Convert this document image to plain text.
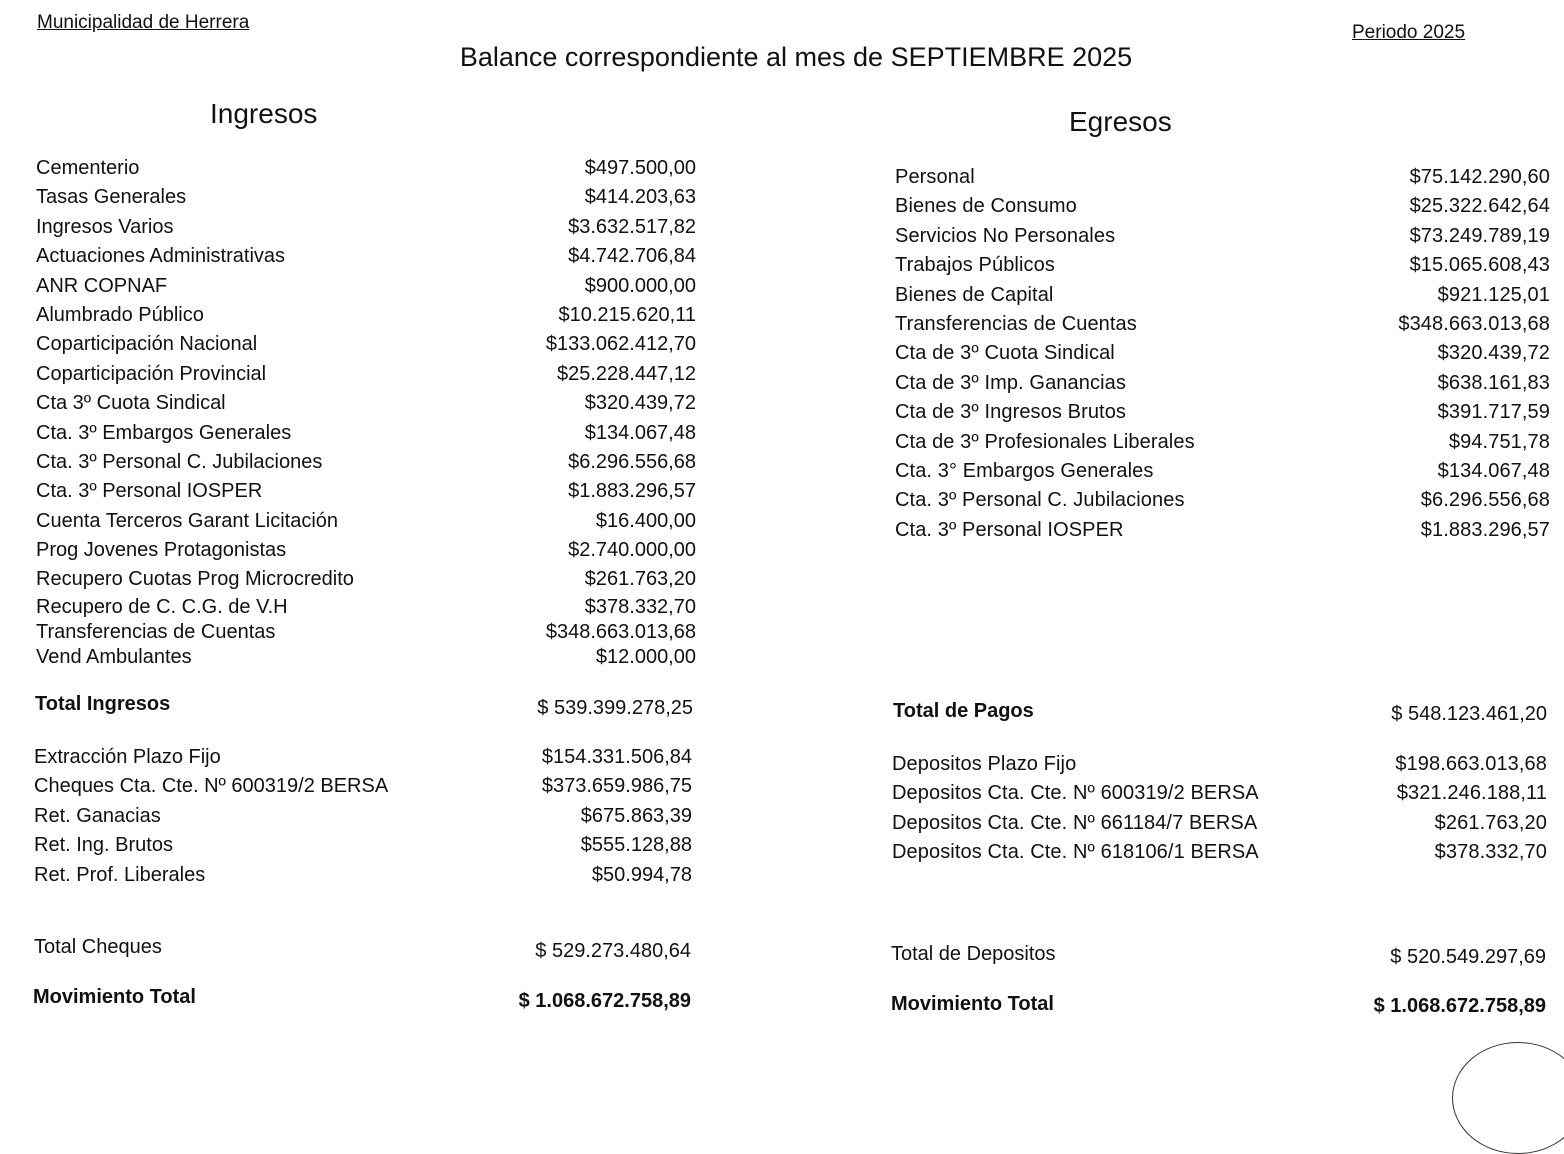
Municipalidad de Herrera	Periodo 2025
Balance correspondiente al mes de SEPTIEMBRE 2025
Ingresos	Egresos
Cementerio	$497.500,00
Tasas Generales	$414.203,63
Ingresos Varios	$3.632.517,82
Actuaciones Administrativas	$4.742.706,84
ANR COPNAF	$900.000,00
Alumbrado Público	$10.215.620,11
Coparticipación Nacional	$133.062.412,70
Coparticipación Provincial	$25.228.447,12
Cta 3º Cuota Sindical	$320.439,72
Cta. 3º Embargos Generales	$134.067,48
Cta. 3º Personal C. Jubilaciones	$6.296.556,68
Cta. 3º Personal IOSPER	$1.883.296,57
Cuenta Terceros Garant Licitación	$16.400,00
Prog Jovenes Protagonistas	$2.740.000,00
Recupero Cuotas Prog Microcredito	$261.763,20
Recupero de C. C.G. de V.H	$378.332,70
Transferencias de Cuentas	$348.663.013,68
Vend Ambulantes	$12.000,00
Personal	$75.142.290,60
Bienes de Consumo	$25.322.642,64
Servicios No Personales	$73.249.789,19
Trabajos Públicos	$15.065.608,43
Bienes de Capital	$921.125,01
Transferencias de Cuentas	$348.663.013,68
Cta de 3º Cuota Sindical	$320.439,72
Cta de 3º Imp. Ganancias	$638.161,83
Cta de 3º Ingresos Brutos	$391.717,59
Cta de 3º Profesionales Liberales	$94.751,78
Cta. 3° Embargos Generales	$134.067,48
Cta. 3º Personal C. Jubilaciones	$6.296.556,68
Cta. 3º Personal IOSPER	$1.883.296,57
Total Ingresos	$ 539.399.278,25	Total de Pagos	$ 548.123.461,20
Extracción Plazo Fijo	$154.331.506,84
Cheques Cta. Cte. Nº 600319/2 BERSA	$373.659.986,75
Ret. Ganacias	$675.863,39
Ret. Ing. Brutos	$555.128,88
Ret. Prof. Liberales	$50.994,78
Depositos Plazo Fijo	$198.663.013,68
Depositos Cta. Cte. Nº 600319/2 BERSA	$321.246.188,11
Depositos Cta. Cte. Nº 661184/7 BERSA	$261.763,20
Depositos Cta. Cte. Nº 618106/1 BERSA	$378.332,70
Total Cheques	$ 529.273.480,64	Total de Depositos	$ 520.549.297,69
Movimiento Total	$ 1.068.672.758,89	Movimiento Total	$ 1.068.672.758,89
